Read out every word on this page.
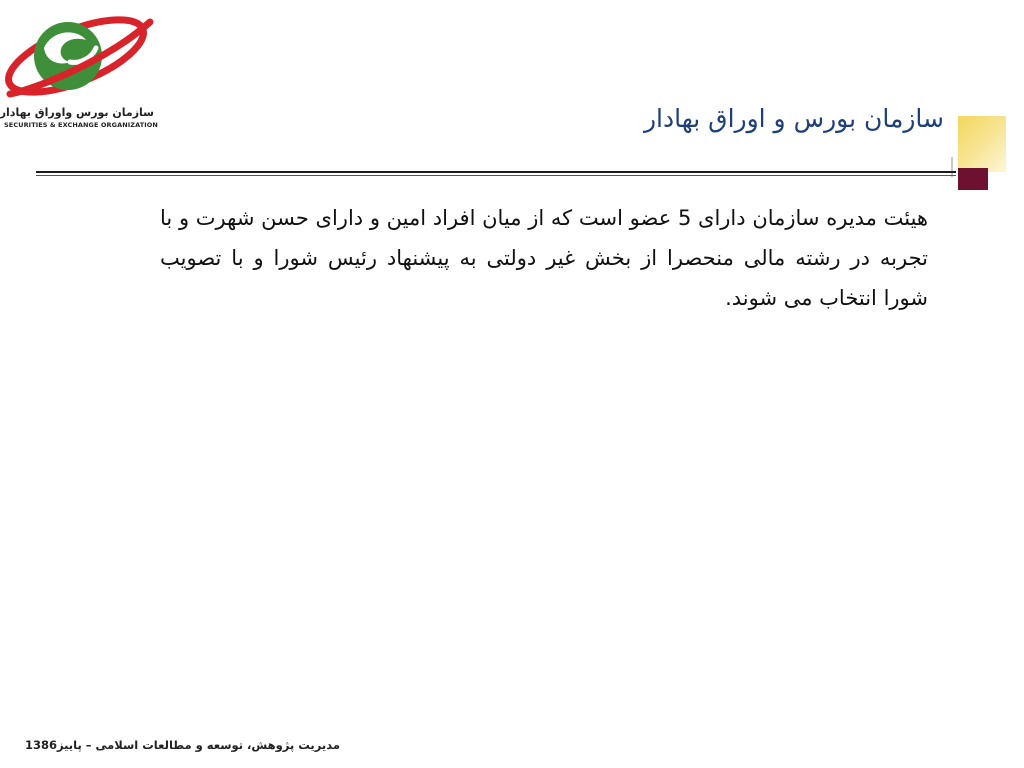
سازمان بورس واوراق بهادار
SECURITIES & EXCHANGE ORGANIZATION	سازمان بورس و اوراق بهادار
هیئت مدیره سازمان دارای 5 عضو است که از میان افراد امین و دارای حسن شهرت و با تجربه در رشته مالی منحصرا از بخش غیر دولتی به پیشنهاد رئیس شورا و با تصویب شورا انتخاب می شوند.
مدیریت پژوهش، توسعه و مطالعات اسلامی – پاییز1386
